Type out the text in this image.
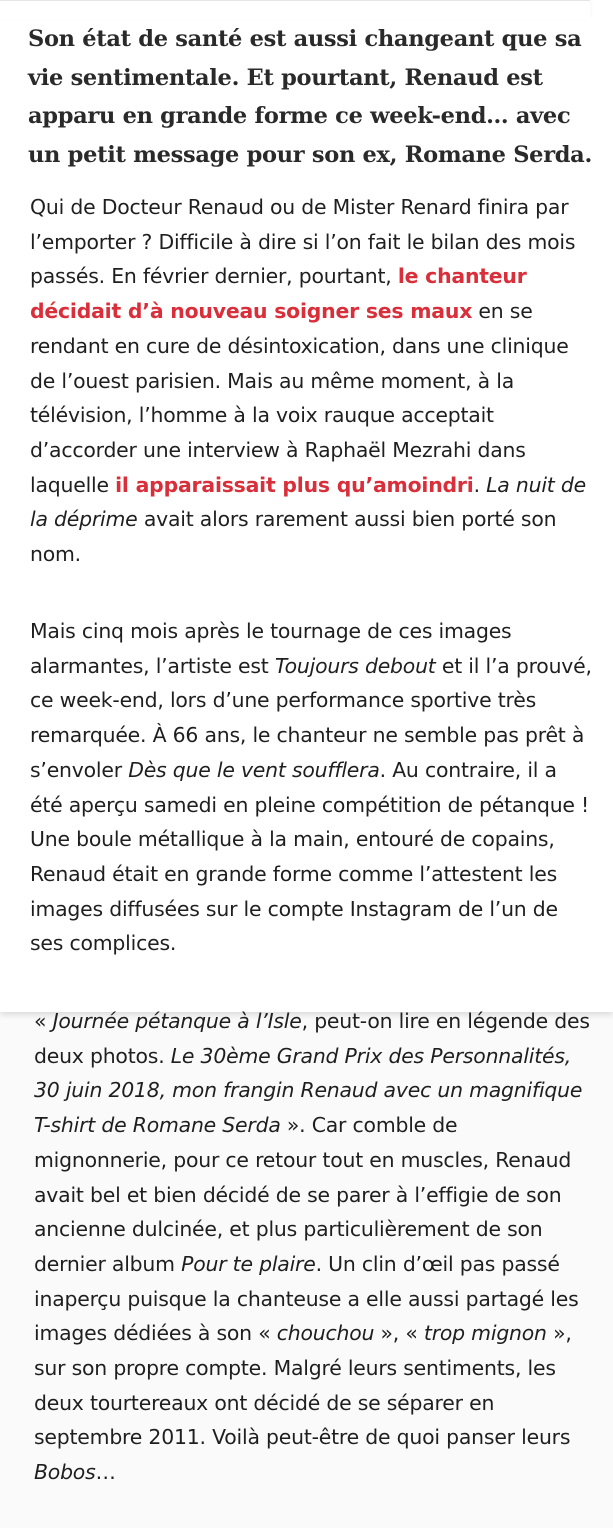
Son état de santé est aussi changeant que sa vie sentimentale. Et pourtant, Renaud est apparu en grande forme ce week-end… avec un petit message pour son ex, Romane Serda.

Qui de Docteur Renaud ou de Mister Renard finira par l’emporter ? Difficile à dire si l’on fait le bilan des mois passés. En février dernier, pourtant, le chanteur décidait d’à nouveau soigner ses maux en se rendant en cure de désintoxication, dans une clinique de l’ouest parisien. Mais au même moment, à la télévision, l’homme à la voix rauque acceptait d’accorder une interview à Raphaël Mezrahi dans laquelle il apparaissait plus qu’amoindri. La nuit de la déprime avait alors rarement aussi bien porté son nom.

Mais cinq mois après le tournage de ces images alarmantes, l’artiste est Toujours debout et il l’a prouvé, ce week-end, lors d’une performance sportive très remarquée. À 66 ans, le chanteur ne semble pas prêt à s’envoler Dès que le vent soufflera. Au contraire, il a été aperçu samedi en pleine compétition de pétanque ! Une boule métallique à la main, entouré de copains, Renaud était en grande forme comme l’attestent les images diffusées sur le compte Instagram de l’un de ses complices.

« Journée pétanque à l’Isle, peut-on lire en légende des deux photos. Le 30ème Grand Prix des Personnalités, 30 juin 2018, mon frangin Renaud avec un magnifique T-shirt de Romane Serda ». Car comble de mignonnerie, pour ce retour tout en muscles, Renaud avait bel et bien décidé de se parer à l’effigie de son ancienne dulcinée, et plus particulièrement de son dernier album Pour te plaire. Un clin d’œil pas passé inaperçu puisque la chanteuse a elle aussi partagé les images dédiées à son « chouchou », « trop mignon », sur son propre compte. Malgré leurs sentiments, les deux tourtereaux ont décidé de se séparer en septembre 2011. Voilà peut-être de quoi panser leurs Bobos…
